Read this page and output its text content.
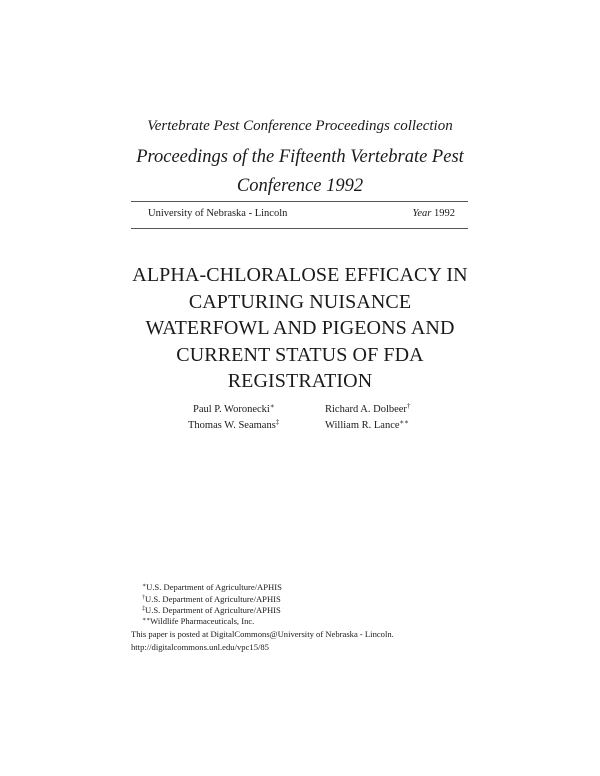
Vertebrate Pest Conference Proceedings collection
Proceedings of the Fifteenth Vertebrate Pest
Conference 1992
University of Nebraska - Lincoln	Year 1992
ALPHA-CHLORALOSE EFFICACY IN
CAPTURING NUISANCE
WATERFOWL AND PIGEONS AND
CURRENT STATUS OF FDA
REGISTRATION
Paul P. Woronecki∗	Richard A. Dolbeer†
Thomas W. Seamans‡	William R. Lance∗∗
∗U.S. Department of Agriculture/APHIS
†U.S. Department of Agriculture/APHIS
‡U.S. Department of Agriculture/APHIS
∗∗Wildlife Pharmaceuticals, Inc.
This paper is posted at DigitalCommons@University of Nebraska - Lincoln.
http://digitalcommons.unl.edu/vpc15/85
